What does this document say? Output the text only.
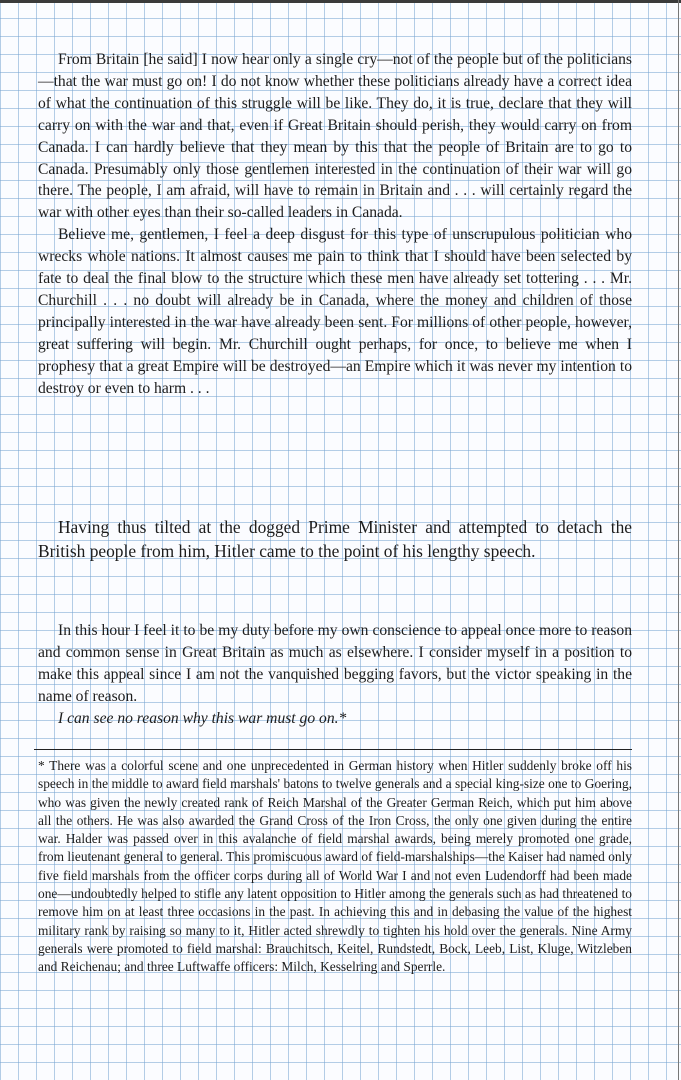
From Britain [he said] I now hear only a single cry—not of the people but of the politicians—that the war must go on! I do not know whether these politicians already have a correct idea of what the continuation of this struggle will be like. They do, it is true, declare that they will carry on with the war and that, even if Great Britain should perish, they would carry on from Canada. I can hardly believe that they mean by this that the people of Britain are to go to Canada. Presumably only those gentlemen interested in the continuation of their war will go there. The people, I am afraid, will have to remain in Britain and . . . will certainly regard the war with other eyes than their so-called leaders in Canada.

Believe me, gentlemen, I feel a deep disgust for this type of unscrupulous politician who wrecks whole nations. It almost causes me pain to think that I should have been selected by fate to deal the final blow to the structure which these men have already set tottering . . . Mr. Churchill . . . no doubt will already be in Canada, where the money and children of those principally interested in the war have already been sent. For millions of other people, however, great suffering will begin. Mr. Churchill ought perhaps, for once, to believe me when I prophesy that a great Empire will be destroyed—an Empire which it was never my intention to destroy or even to harm . . .

Having thus tilted at the dogged Prime Minister and attempted to detach the British people from him, Hitler came to the point of his lengthy speech.

In this hour I feel it to be my duty before my own conscience to appeal once more to reason and common sense in Great Britain as much as elsewhere. I consider myself in a position to make this appeal since I am not the vanquished begging favors, but the victor speaking in the name of reason.

I can see no reason why this war must go on.*

* There was a colorful scene and one unprecedented in German history when Hitler suddenly broke off his speech in the middle to award field marshals' batons to twelve generals and a special king-size one to Goering, who was given the newly created rank of Reich Marshal of the Greater German Reich, which put him above all the others. He was also awarded the Grand Cross of the Iron Cross, the only one given during the entire war. Halder was passed over in this avalanche of field marshal awards, being merely promoted one grade, from lieutenant general to general. This promiscuous award of field-marshalships—the Kaiser had named only five field marshals from the officer corps during all of World War I and not even Ludendorff had been made one—undoubtedly helped to stifle any latent opposition to Hitler among the generals such as had threatened to remove him on at least three occasions in the past. In achieving this and in debasing the value of the highest military rank by raising so many to it, Hitler acted shrewdly to tighten his hold over the generals. Nine Army generals were promoted to field marshal: Brauchitsch, Keitel, Rundstedt, Bock, Leeb, List, Kluge, Witzleben and Reichenau; and three Luftwaffe officers: Milch, Kesselring and Sperrle.
